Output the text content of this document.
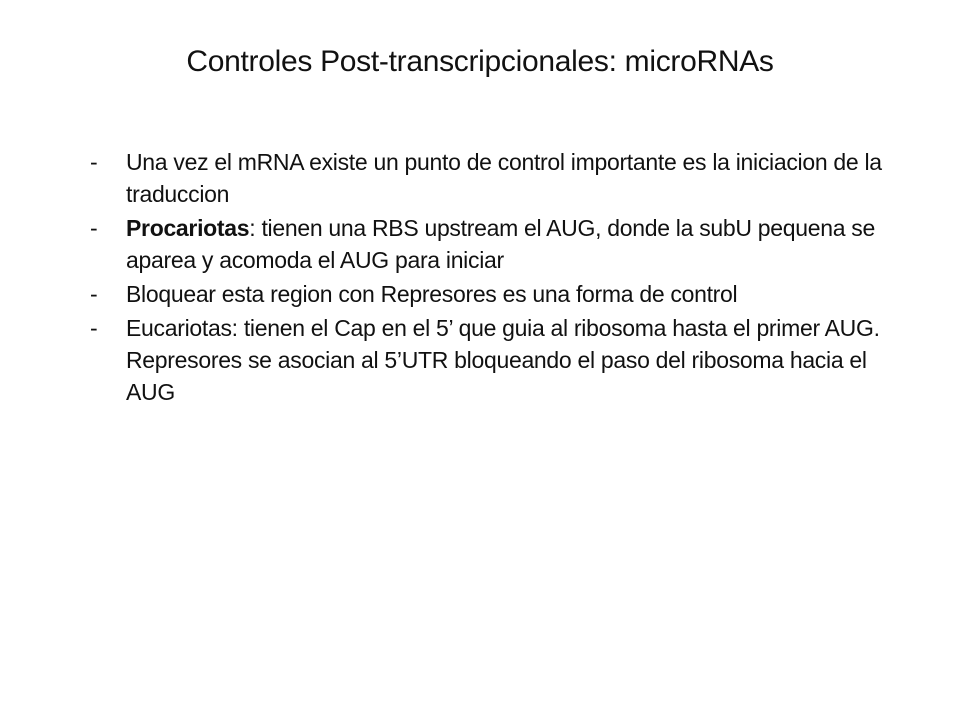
Controles Post-transcripcionales: microRNAs
-	Una vez el mRNA existe un punto de control importante es la iniciacion de la traduccion
-	Procariotas: tienen una RBS upstream el AUG, donde la subU pequena se aparea y acomoda el AUG para iniciar
-	Bloquear esta region con Represores es una forma de control
-	Eucariotas: tienen el Cap en el 5’ que guia al ribosoma hasta el primer AUG. Represores se asocian al 5’UTR bloqueando el paso del ribosoma hacia el AUG
